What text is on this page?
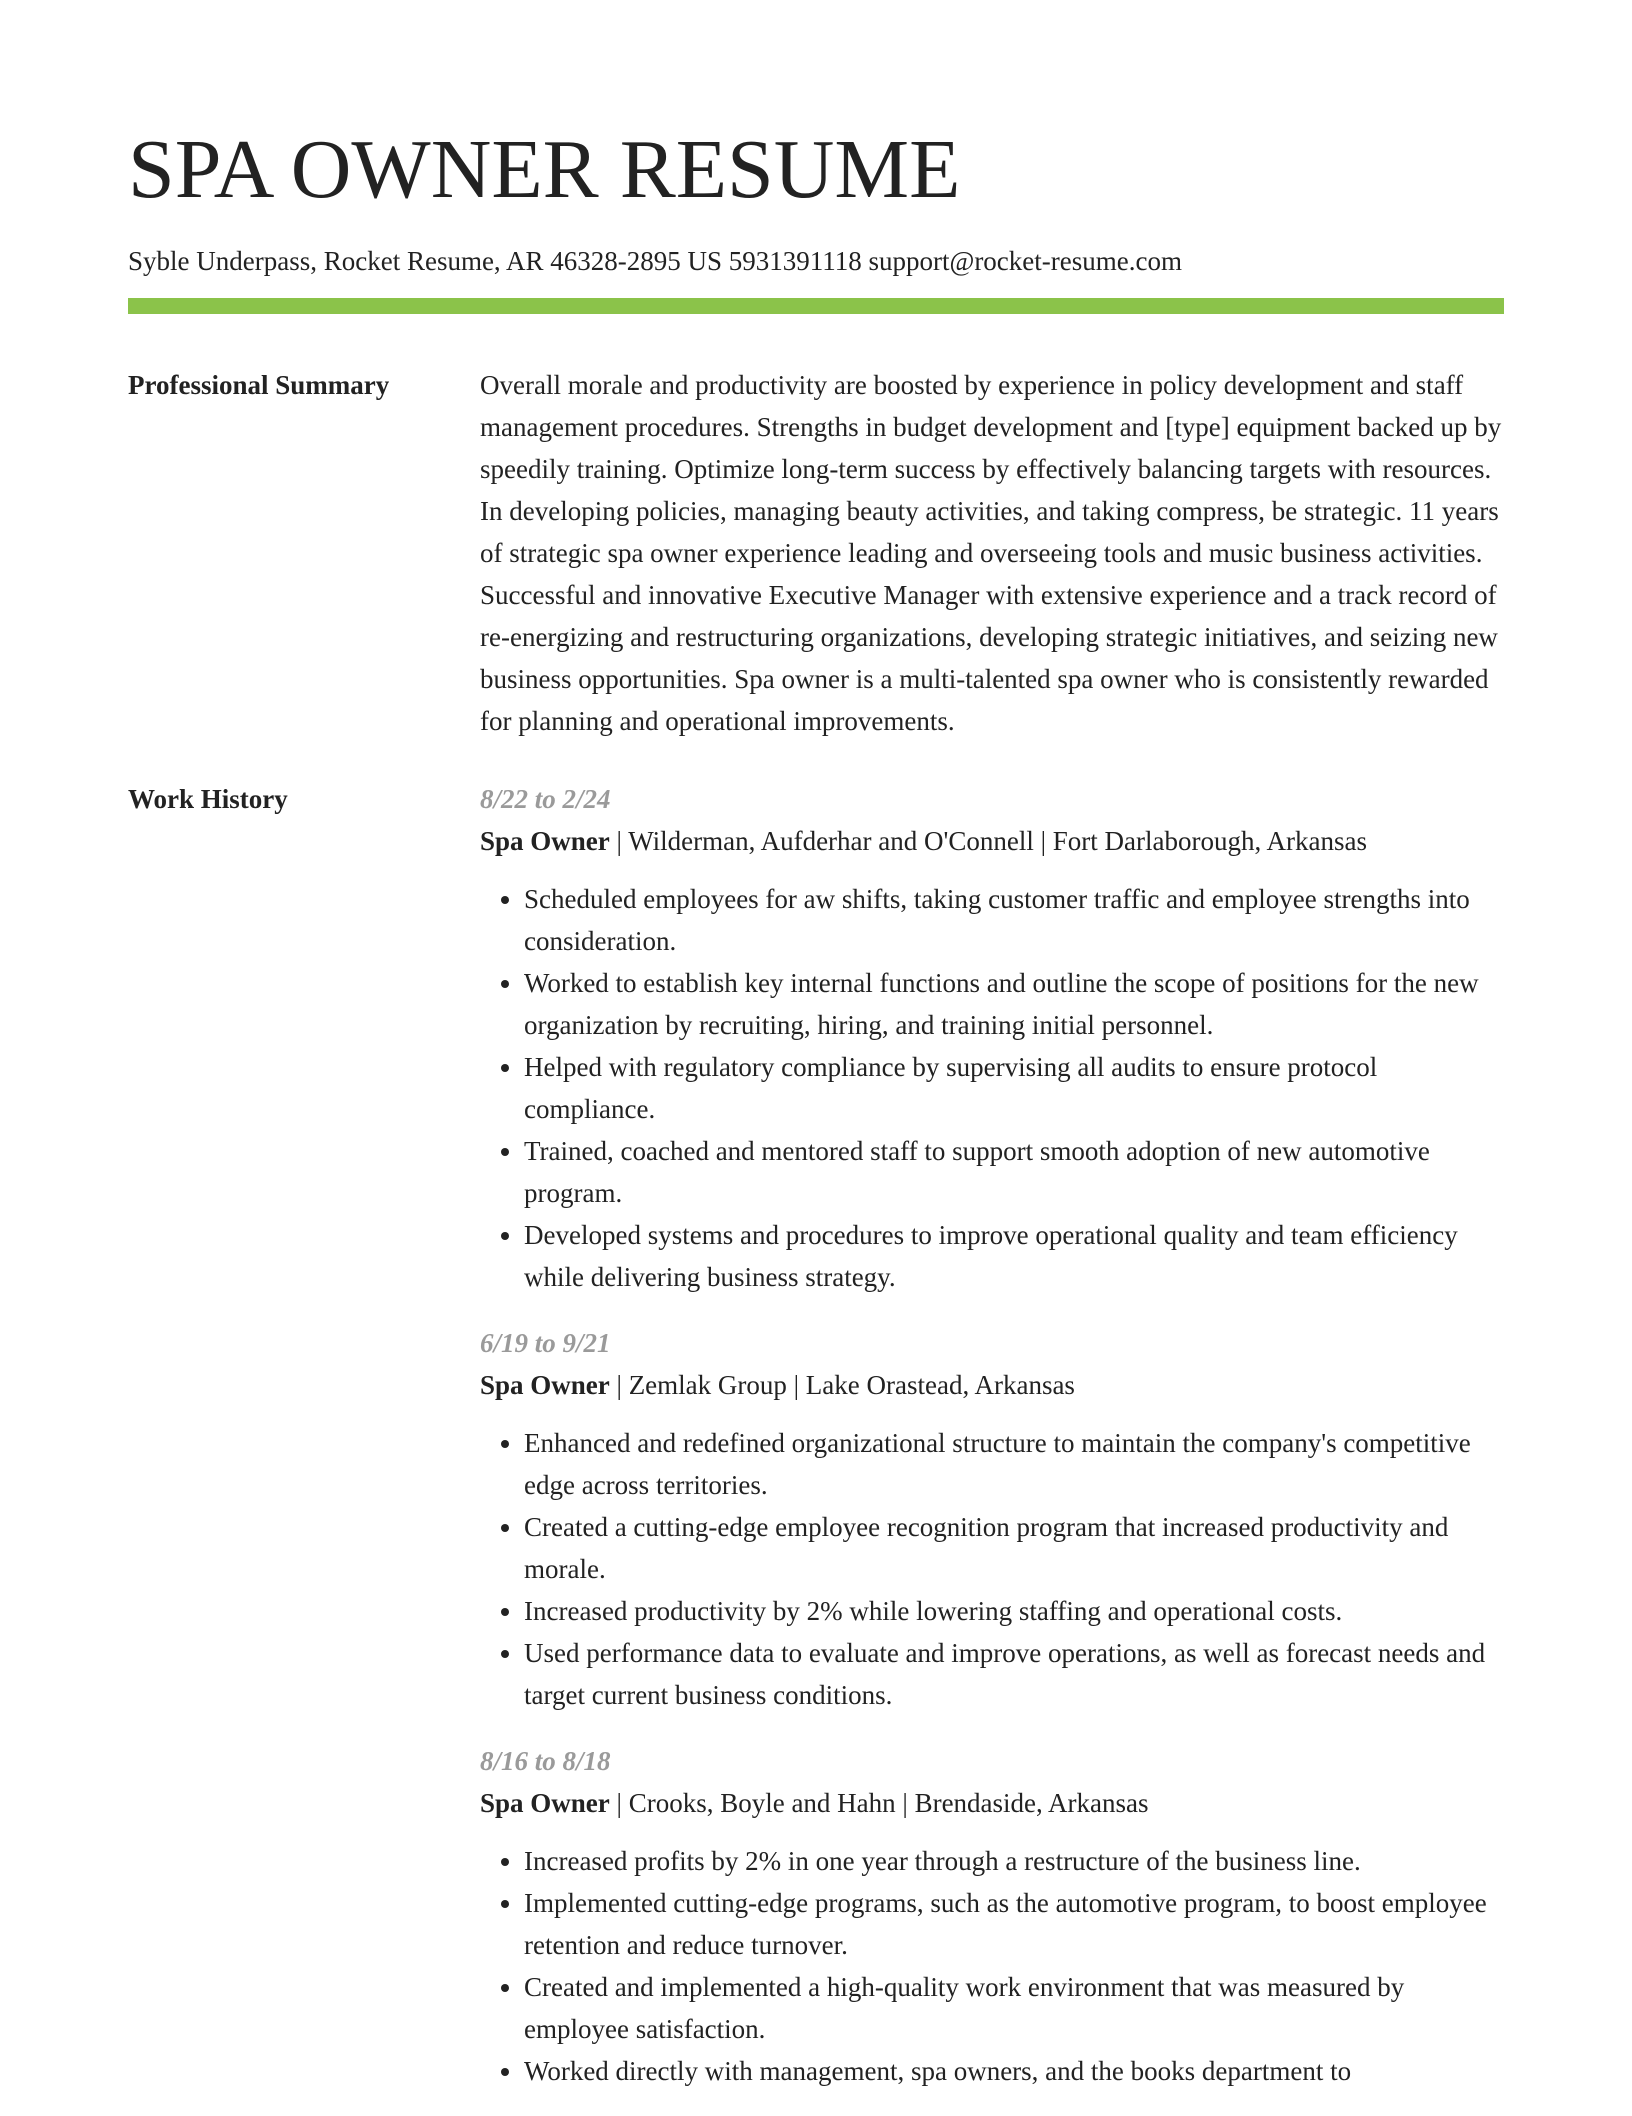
SPA OWNER RESUME
Syble Underpass, Rocket Resume, AR 46328-2895 US 5931391118 support@rocket-resume.com
Professional Summary	Overall morale and productivity are boosted by experience in policy development and staff management procedures. Strengths in budget development and [type] equipment backed up by speedily training. Optimize long-term success by effectively balancing targets with resources. In developing policies, managing beauty activities, and taking compress, be strategic. 11 years of strategic spa owner experience leading and overseeing tools and music business activities. Successful and innovative Executive Manager with extensive experience and a track record of re-energizing and restructuring organizations, developing strategic initiatives, and seizing new business opportunities. Spa owner is a multi-talented spa owner who is consistently rewarded for planning and operational improvements.

Work History	8/22 to 2/24
Spa Owner | Wilderman, Aufderhar and O'Connell | Fort Darlaborough, Arkansas
• Scheduled employees for aw shifts, taking customer traffic and employee strengths into consideration.
• Worked to establish key internal functions and outline the scope of positions for the new organization by recruiting, hiring, and training initial personnel.
• Helped with regulatory compliance by supervising all audits to ensure protocol compliance.
• Trained, coached and mentored staff to support smooth adoption of new automotive program.
• Developed systems and procedures to improve operational quality and team efficiency while delivering business strategy.
6/19 to 9/21
Spa Owner | Zemlak Group | Lake Orastead, Arkansas
• Enhanced and redefined organizational structure to maintain the company's competitive edge across territories.
• Created a cutting-edge employee recognition program that increased productivity and morale.
• Increased productivity by 2% while lowering staffing and operational costs.
• Used performance data to evaluate and improve operations, as well as forecast needs and target current business conditions.
8/16 to 8/18
Spa Owner | Crooks, Boyle and Hahn | Brendaside, Arkansas
• Increased profits by 2% in one year through a restructure of the business line.
• Implemented cutting-edge programs, such as the automotive program, to boost employee retention and reduce turnover.
• Created and implemented a high-quality work environment that was measured by employee satisfaction.
• Worked directly with management, spa owners, and the books department to
